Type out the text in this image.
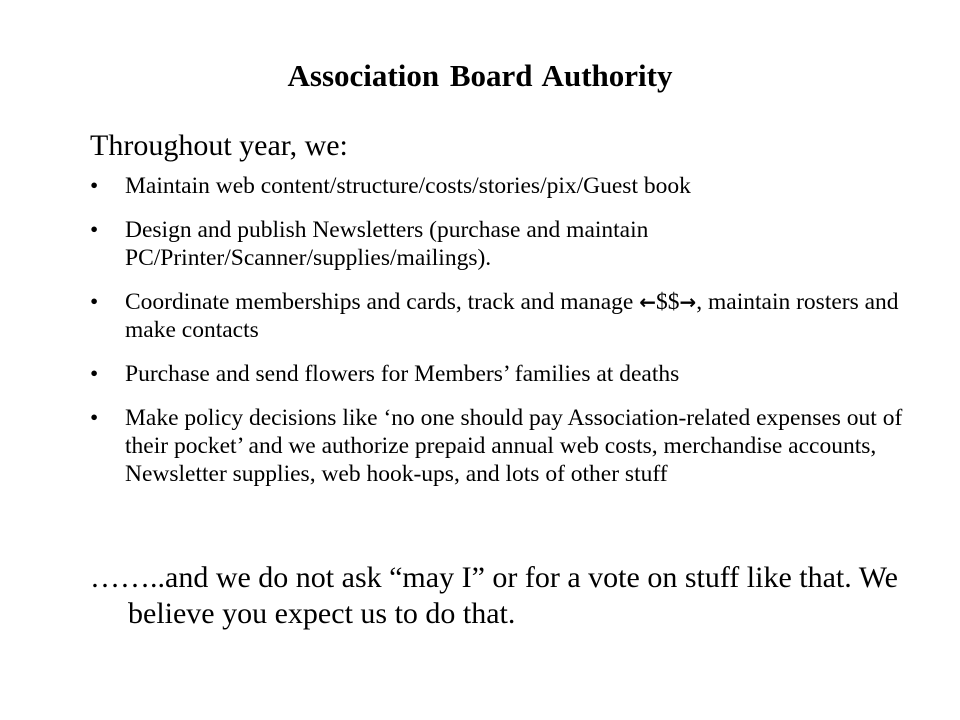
Association Board Authority
Throughout year, we:
• Maintain web content/structure/costs/stories/pix/Guest book
• Design and publish Newsletters (purchase and maintain PC/Printer/Scanner/supplies/mailings).
• Coordinate memberships and cards, track and manage ←$$→, maintain rosters and make contacts
• Purchase and send flowers for Members’ families at deaths
• Make policy decisions like ‘no one should pay Association-related expenses out of their pocket’ and we authorize prepaid annual web costs, merchandise accounts, Newsletter supplies, web hook-ups, and lots of other stuff
……..and we do not ask “may I” or for a vote on stuff like that. We believe you expect us to do that.
